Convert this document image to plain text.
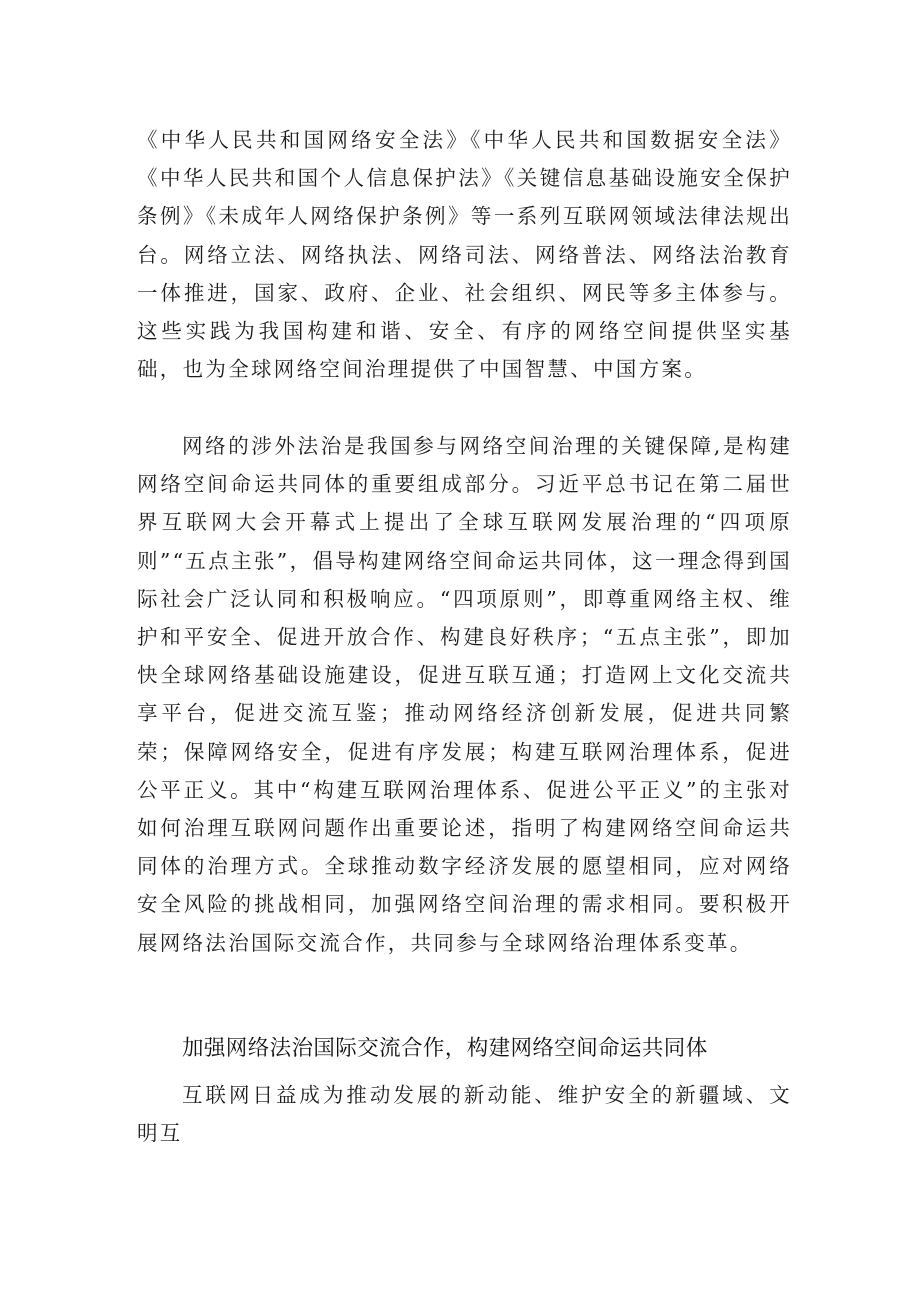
《中华人民共和国网络安全法》《中华人民共和国数据安全法》《中华人民共和国个人信息保护法》《关键信息基础设施安全保护条例》《未成年人网络保护条例》等一系列互联网领域法律法规出台。网络立法、网络执法、网络司法、网络普法、网络法治教育一体推进，国家、政府、企业、社会组织、网民等多主体参与。这些实践为我国构建和谐、安全、有序的网络空间提供坚实基础，也为全球网络空间治理提供了中国智慧、中国方案。

网络的涉外法治是我国参与网络空间治理的关键保障,是构建网络空间命运共同体的重要组成部分。习近平总书记在第二届世界互联网大会开幕式上提出了全球互联网发展治理的“四项原则”“五点主张”，倡导构建网络空间命运共同体，这一理念得到国际社会广泛认同和积极响应。“四项原则”，即尊重网络主权、维护和平安全、促进开放合作、构建良好秩序；“五点主张”，即加快全球网络基础设施建设，促进互联互通；打造网上文化交流共享平台，促进交流互鉴；推动网络经济创新发展，促进共同繁荣；保障网络安全，促进有序发展；构建互联网治理体系，促进公平正义。其中“构建互联网治理体系、促进公平正义”的主张对如何治理互联网问题作出重要论述，指明了构建网络空间命运共同体的治理方式。全球推动数字经济发展的愿望相同，应对网络安全风险的挑战相同，加强网络空间治理的需求相同。要积极开展网络法治国际交流合作，共同参与全球网络治理体系变革。

加强网络法治国际交流合作，构建网络空间命运共同体

互联网日益成为推动发展的新动能、维护安全的新疆域、文明互
